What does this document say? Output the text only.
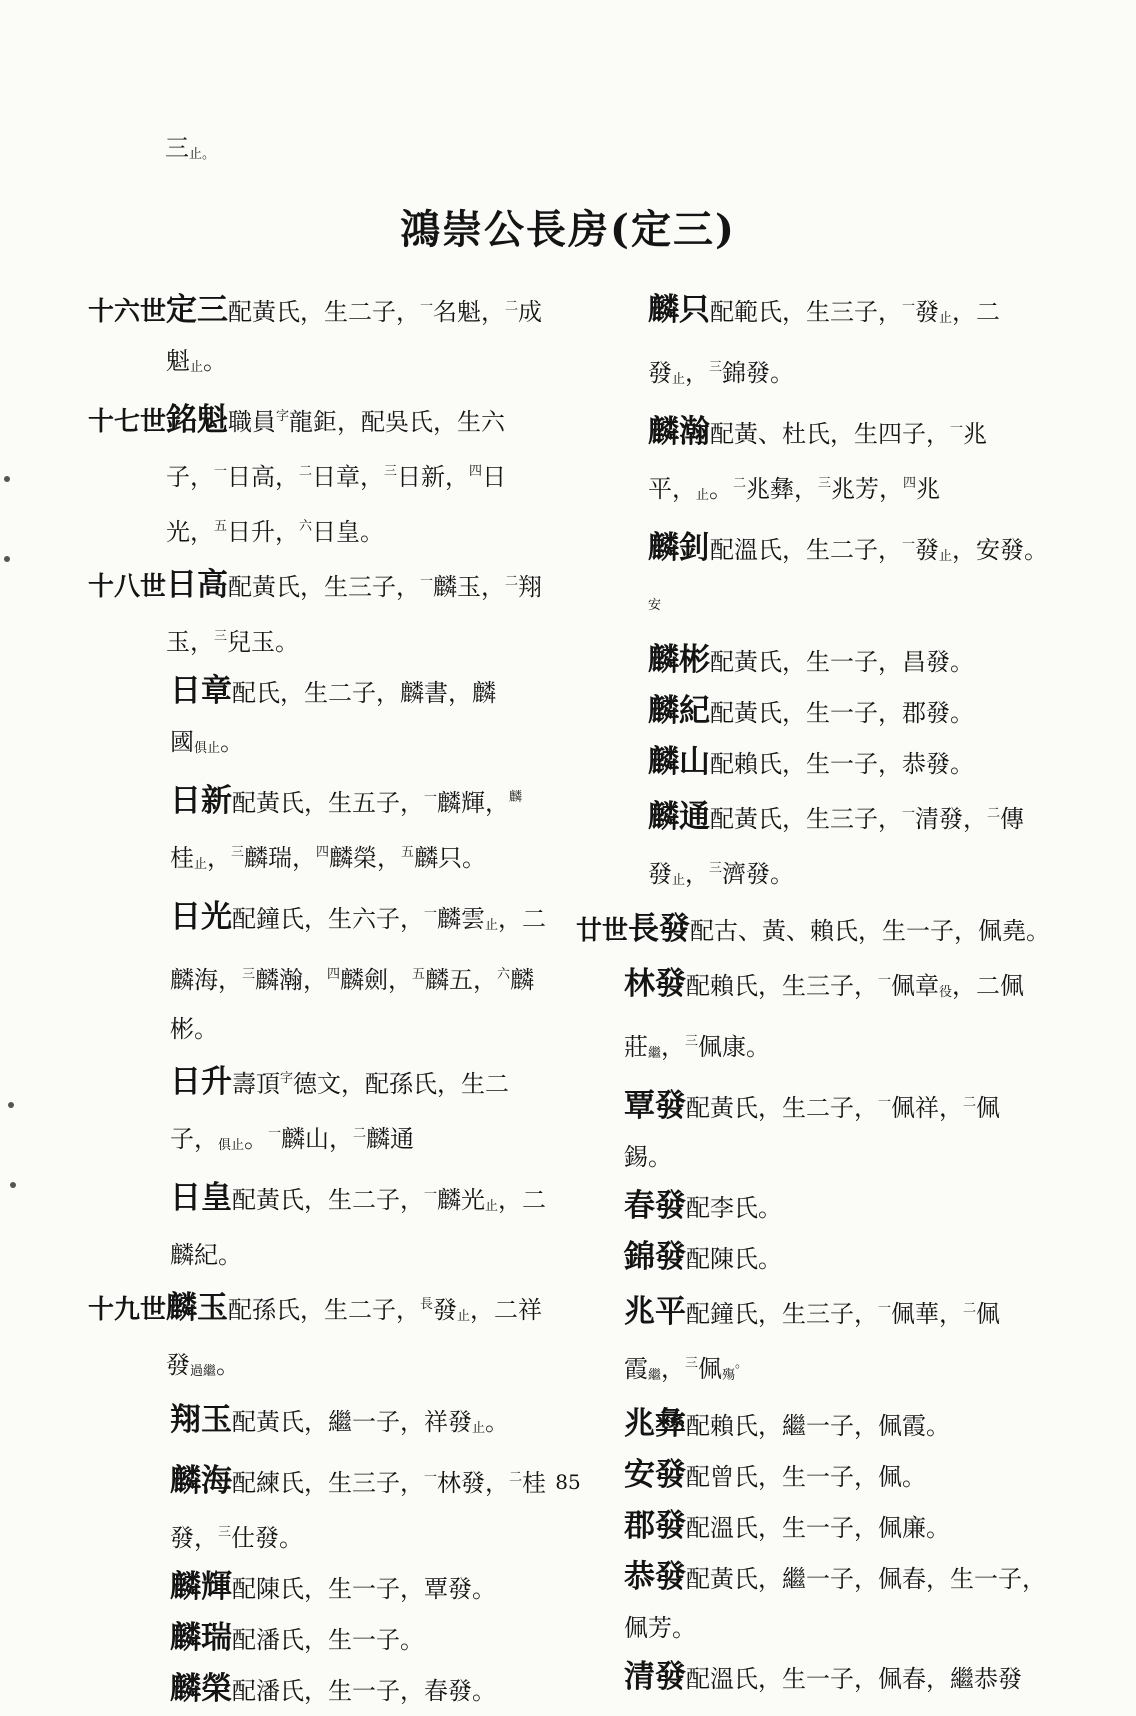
三止。
鴻崇公長房(定三)
十六世定三配黃氏，生二子，$^一$名魁，$^二$成
魁止。
十七世銘魁職員$^字$龍鉅，配吳氏，生六
子，$^一$日高，$^二$日章，$^三$日新，$^四$日
光，$^五$日升，$^六$日皇。
十八世日高配黃氏，生三子，$^一$麟玉，$^二$翔
玉，$^三$兒玉。
日章配氏，生二子，麟書，麟
國俱止。
日新配黃氏，生五子，$^一$麟輝，$^麟$
桂止，$^三$麟瑞，$^四$麟榮，$^五$麟只。
日光配鐘氏，生六子，$^一$麟雲止，二
麟海，$^三$麟瀚，$^四$麟劍，$^五$麟五，$^六$麟
彬。
日升壽頂$^字$德文，配孫氏，生二
子，俱止。$^一$麟山，$^二$麟通
日皇配黃氏，生二子，$^一$麟光止，二
麟紀。
十九世麟玉配孫氏，生二子，$^長$發止，二祥
發過繼。
翔玉配黃氏，繼一子，祥發止。
麟海配練氏，生三子，$^一$林發，$^二$桂
發，$^三$仕發。
麟輝配陳氏，生一子，覃發。
麟瑞配潘氏，生一子。
麟榮配潘氏，生一子，春發。
麟只配範氏，生三子，$^一$發止，二
發止，$^三$錦發。
麟瀚配黃、杜氏，生四子，$^一$兆
平，止。$^二$兆彝，$^三$兆芳，$^四$兆
麟釗配溫氏，生二子，$^一$發止，安發。$^安$
麟彬配黃氏，生一子，昌發。
麟紀配黃氏，生一子，郡發。
麟山配賴氏，生一子，恭發。
麟通配黃氏，生三子，$^一$清發，$^二$傳
發止，$^三$濟發。
廿世長發配古、黃、賴氏，生一子，佩堯。
林發配賴氏，生三子，$^一$佩章役，二佩
莊繼，$^三$佩康。
覃發配黃氏，生二子，$^一$佩祥，$^二$佩
錫。
春發配李氏。
錦發配陳氏。
兆平配鐘氏，生三子，$^一$佩華，$^二$佩
霞繼，$^三$佩殤。
兆彝配賴氏，繼一子，佩霞。
安發配曾氏，生一子，佩。
郡發配溫氏，生一子，佩廉。
恭發配黃氏，繼一子，佩春，生一子，
佩芳。
清發配溫氏，生一子，佩春，繼恭發
85
